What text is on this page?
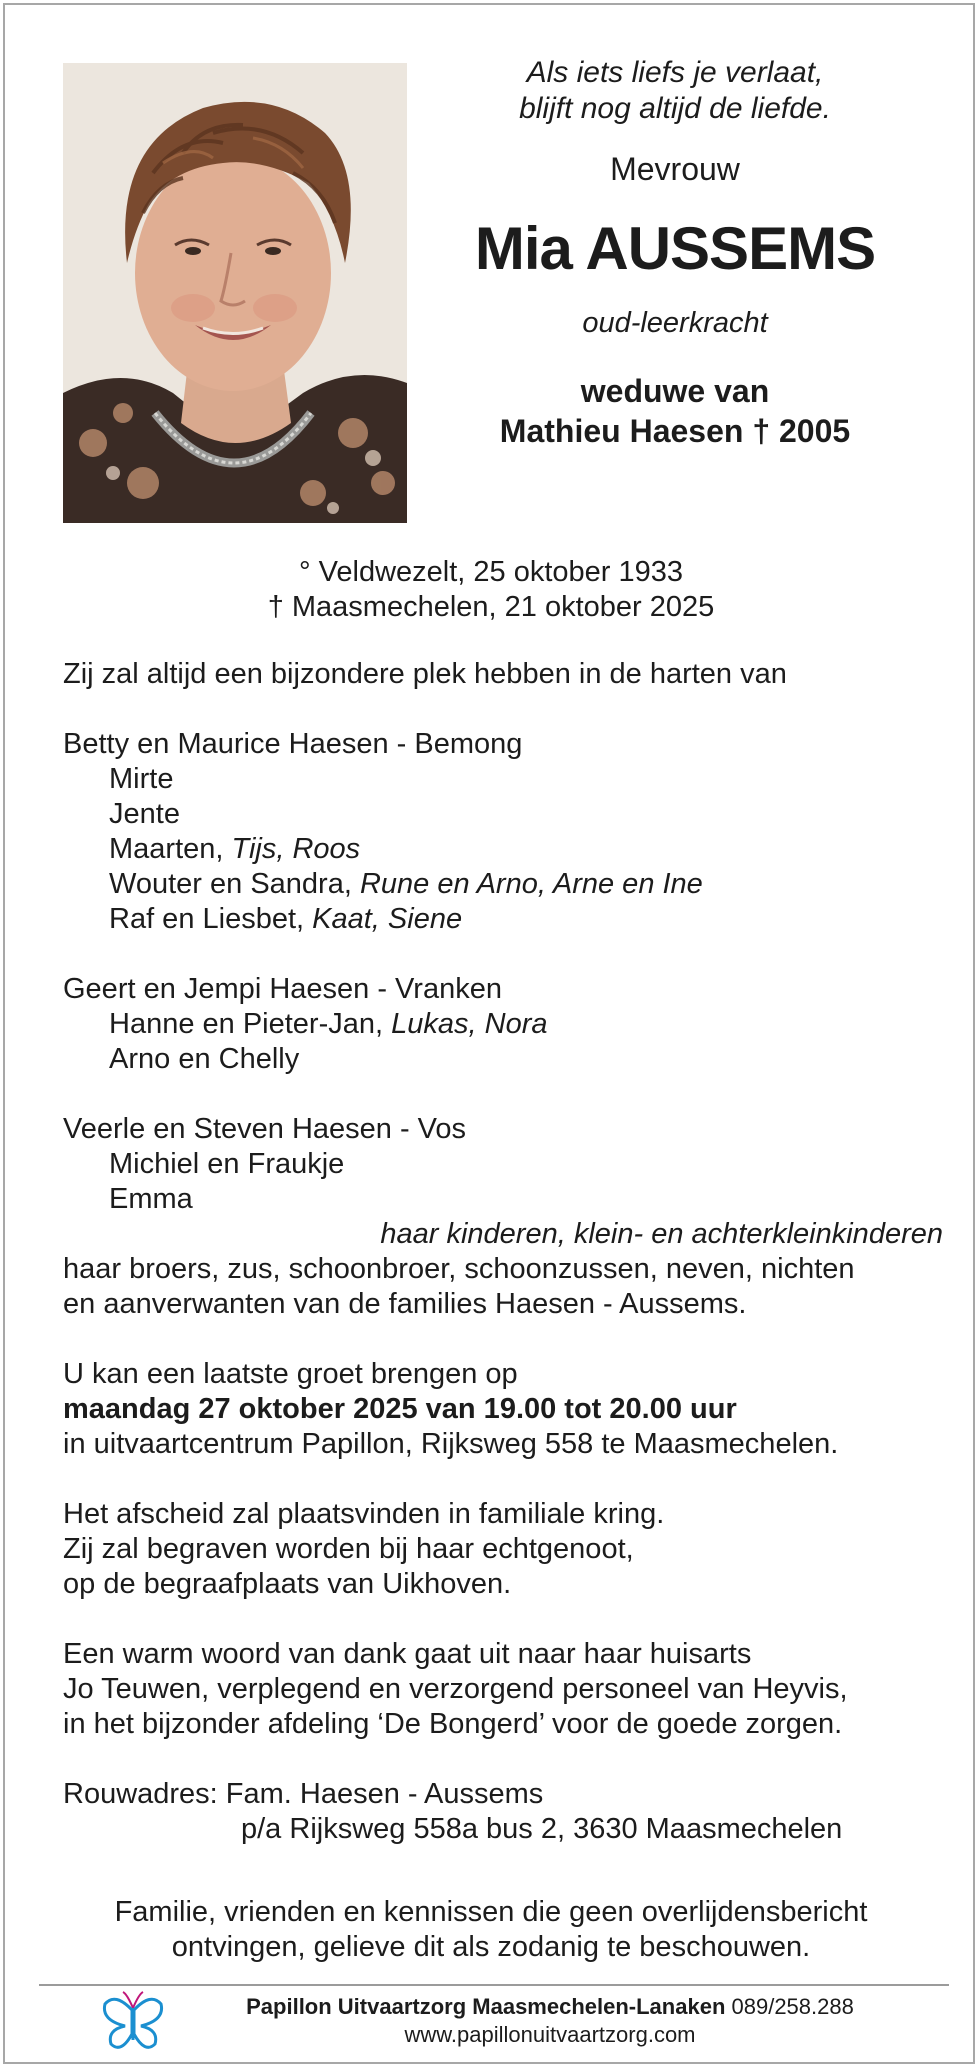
Als iets liefs je verlaat,
blijft nog altijd de liefde.
Mevrouw
Mia AUSSEMS
oud-leerkracht
weduwe van
Mathieu Haesen † 2005
° Veldwezelt, 25 oktober 1933
† Maasmechelen, 21 oktober 2025
Zij zal altijd een bijzondere plek hebben in de harten van
Betty en Maurice Haesen - Bemong
Mirte
Jente
Maarten, Tijs, Roos
Wouter en Sandra, Rune en Arno, Arne en Ine
Raf en Liesbet, Kaat, Siene
Geert en Jempi Haesen - Vranken
Hanne en Pieter-Jan, Lukas, Nora
Arno en Chelly
Veerle en Steven Haesen - Vos
Michiel en Fraukje
Emma
haar kinderen, klein- en achterkleinkinderen
haar broers, zus, schoonbroer, schoonzussen, neven, nichten
en aanverwanten van de families Haesen - Aussems.
U kan een laatste groet brengen op
maandag 27 oktober 2025 van 19.00 tot 20.00 uur
in uitvaartcentrum Papillon, Rijksweg 558 te Maasmechelen.
Het afscheid zal plaatsvinden in familiale kring.
Zij zal begraven worden bij haar echtgenoot,
op de begraafplaats van Uikhoven.
Een warm woord van dank gaat uit naar haar huisarts
Jo Teuwen, verplegend en verzorgend personeel van Heyvis,
in het bijzonder afdeling ‘De Bongerd’ voor de goede zorgen.
Rouwadres: Fam. Haesen - Aussems
p/a Rijksweg 558a bus 2, 3630 Maasmechelen
Familie, vrienden en kennissen die geen overlijdensbericht
ontvingen, gelieve dit als zodanig te beschouwen.
Papillon Uitvaartzorg Maasmechelen-Lanaken 089/258.288
www.papillonuitvaartzorg.com
